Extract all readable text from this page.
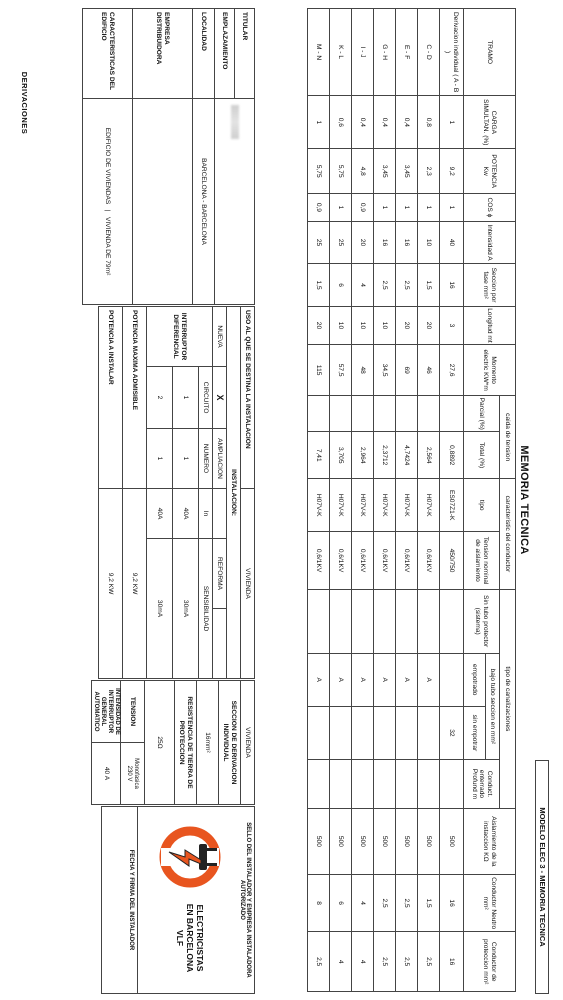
MODELO ELEC 3 - MEMORIA TECNICA
DERIVACIONES
MEMORIA TECNICA
TRAMO	CARGA SIMULTAN. (%)	POTENCIA Kw	COS ϕ	Intensidad A	Seccion por fase mm²	Longitud mt	Momento electric KW*m	caida de tension		caracteristic del conductor		tipo de canalizaciones				Aislamiento de la instaccion KΩ	Conductor Neutro mm²	Conductor de proteccion mm²
								Parcial (%)	Total (%)	tipo	Tension nominal de aislamiento	Sin tubo protector (sistema)	bajo tubo seccion en mm²		Conduct. enterrado Profund m			
													empotrado	sin empotrar				
Derivacion individual ( A - B )	1	9,2	1	40	16	3	27,6		0,8892	ES07Z1-K	450/750			32		500	16	16
C - D	0,8	2,3	1	10	1,5	20	46		2,564	H07V-K	0,6/1KV		A			500	1,5	2,5
E - F	0,4	3,45	1	16	2,5	20	69		4,7424	H07V-K	0,6/1KV		A			500	2,5	2,5
G - H	0,4	3,45	1	16	2,5	10	34,5		2,3712	H07V-K	0,6/1KV		A			500	2,5	2,5
I - J	0,4	4,8	0,9	20	4	10	48		2,964	H07V-K	0,6/1KV		A			500	4	4
K - L	0,6	5,75	1	25	6	10	57,5		3,705	H07V-K	0,6/1KV		A			500	6	4
M - N	1	5,75	0,9	25	1,5	20	115		7,41	H07V-K	0,6/1KV		A			500	8	2,5
TITULAR	
EMPLAZAMIENTO	
LOCALIDAD	BARCELONA - BARCELONA
EMPRESA   DISTRIBUIDORA	
CARACTERISTICAS DEL EDIFICIO	EDIFICIO DE VIVIENDAS   |   VIVIENDA DE 79m²
USO AL QUE SE DESTINA LA INSTALACION			VIVIENDA		
INSTALACION:					
NUEVA	X	AMPLIACION		REFORMA	
INTERRUPTOR DIFERENCIAL	CIRCUITO	NUMERO	In	SENSIBILIDAD	
	1	1	40A	30mA	
	2	1	40A	30mA	
POTENCIA MAXIMA ADMISIBLE			9,2 KW		
POTENCIA A INSTALAR			9,2 KW		
VIVIENDA	
SECCION DE DERIVACION INDIVIDUAL	
16mm²	
RESISTENCIA DE TIERRA DE PROTECCION	
25Ω	
TENSION	Monofasica
230 V

INTENSIDAD DE INTERRUPTOR GENERAL AUTOMATICO	40 A
SELLO DEL INSTALADOR Y EMPRESA INSTALADORA AUTORIZADO
ELECTRICISTAS EN BARCELONA VLF
FECHA Y FIRMA DEL INSTALADOR
